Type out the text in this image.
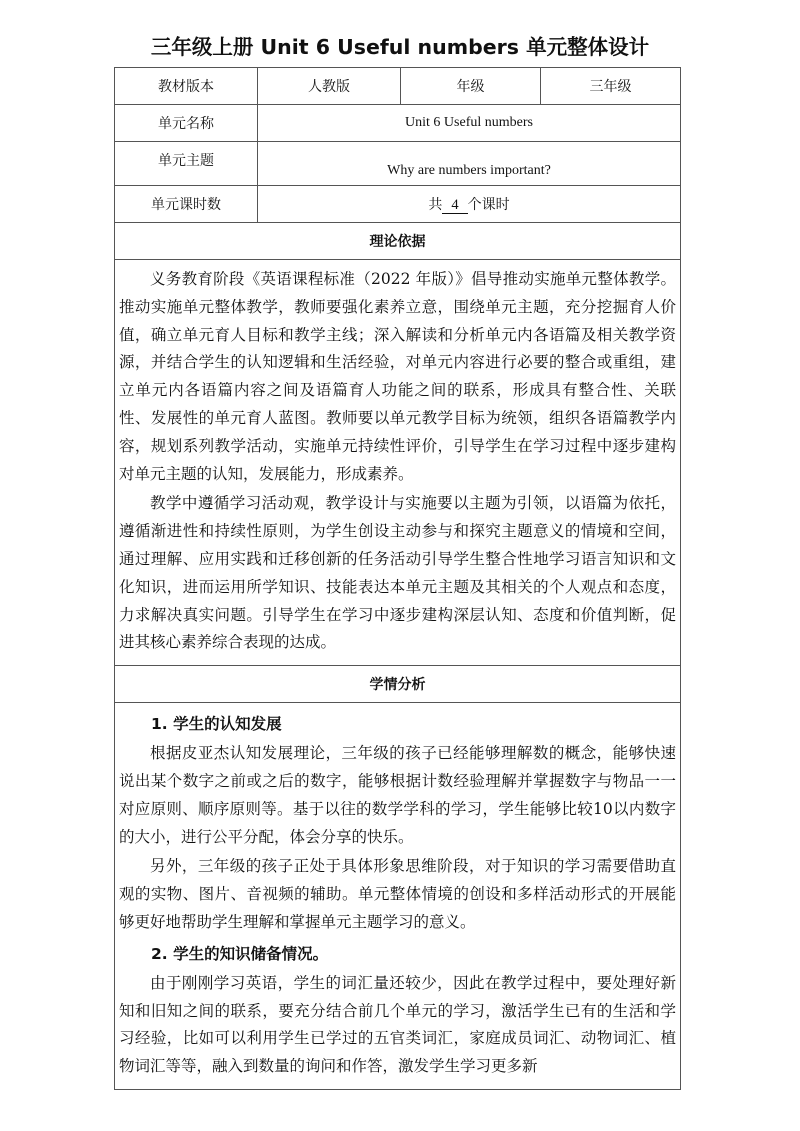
三年级上册 Unit 6 Useful numbers 单元整体设计
教材版本	人教版	年级	三年级
单元名称	Unit 6 Useful numbers		
单元主题	Why are numbers important?		
单元课时数	共 4 个课时		
理论依据			

义务教育阶段《英语课程标准（2022 年版）》倡导推动实施单元整体教学。推动实施单元整体教学，教师要强化素养立意，围绕单元主题，充分挖掘育人价值，确立单元育人目标和教学主线；深入解读和分析单元内各语篇及相关教学资源，并结合学生的认知逻辑和生活经验，对单元内容进行必要的整合或重组，建立单元内各语篇内容之间及语篇育人功能之间的联系，形成具有整合性、关联性、发展性的单元育人蓝图。教师要以单元教学目标为统领，组织各语篇教学内容，规划系列教学活动，实施单元持续性评价，引导学生在学习过程中逐步建构对单元主题的认知，发展能力，形成素养。

教学中遵循学习活动观，教学设计与实施要以主题为引领，以语篇为依托，遵循渐进性和持续性原则，为学生创设主动参与和探究主题意义的情境和空间，通过理解、应用实践和迁移创新的任务活动引导学生整合性地学习语言知识和文化知识，进而运用所学知识、技能表达本单元主题及其相关的个人观点和态度，力求解决真实问题。引导学生在学习中逐步建构深层认知、态度和价值判断，促进其核心素养综合表现的达成。			

学情分析			

1. 学生的认知发展

根据皮亚杰认知发展理论，三年级的孩子已经能够理解数的概念，能够快速说出某个数字之前或之后的数字，能够根据计数经验理解并掌握数字与物品一一对应原则、顺序原则等。基于以往的数学学科的学习，学生能够比较10以内数字的大小，进行公平分配，体会分享的快乐。

另外，三年级的孩子正处于具体形象思维阶段，对于知识的学习需要借助直观的实物、图片、音视频的辅助。单元整体情境的创设和多样活动形式的开展能够更好地帮助学生理解和掌握单元主题学习的意义。

2. 学生的知识储备情况。

由于刚刚学习英语，学生的词汇量还较少，因此在教学过程中，要处理好新知和旧知之间的联系，要充分结合前几个单元的学习，激活学生已有的生活和学习经验，比如可以利用学生已学过的五官类词汇，家庭成员词汇、动物词汇、植物词汇等等，融入到数量的询问和作答，激发学生学习更多新			
